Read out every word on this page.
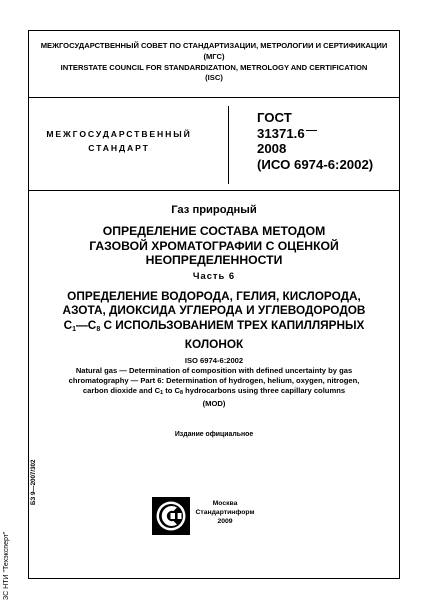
МЕЖГОСУДАРСТВЕННЫЙ СОВЕТ ПО СТАНДАРТИЗАЦИИ, МЕТРОЛОГИИ И СЕРТИФИКАЦИИ
(МГС)
INTERSTATE COUNCIL FOR STANDARDIZATION, METROLOGY AND CERTIFICATION
(ISC)
МЕЖГОСУДАРСТВЕННЫЙ
СТАНДАРТ
ГОСТ
31371.6
2008
(ИСО 6974-6:2002)
Газ природный
ОПРЕДЕЛЕНИЕ СОСТАВА МЕТОДОМ
ГАЗОВОЙ ХРОМАТОГРАФИИ С ОЦЕНКОЙ
НЕОПРЕДЕЛЕННОСТИ
Часть 6
ОПРЕДЕЛЕНИЕ ВОДОРОДА, ГЕЛИЯ, КИСЛОРОДА,
АЗОТА, ДИОКСИДА УГЛЕРОДА И УГЛЕВОДОРОДОВ
$C_1—C_8$ С ИСПОЛЬЗОВАНИЕМ ТРЕХ КАПИЛЛЯРНЫХ
КОЛОНОК
ISO 6974-6:2002
Natural gas — Determination of composition with defined uncertainty by gas
chromatography — Part 6: Determination of hydrogen, helium, oxygen, nitrogen,
carbon dioxide and $C_1$ to $C_8$ hydrocarbons using three capillary columns
(MOD)
Издание официальное
ЗС НТИ "Техэксперт"
БЗ 9—2007/302	Москва
Стандартинформ
2009
